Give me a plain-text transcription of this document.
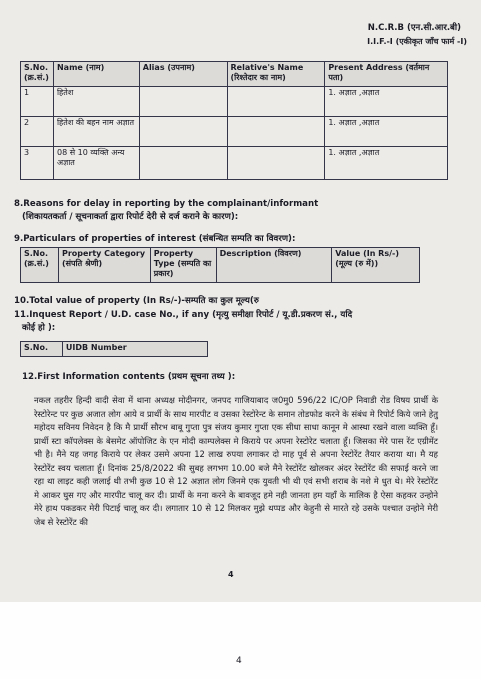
N.C.R.B (एन.सी.आर.बी)
I.I.F.-I (एकीकृत जाँच फार्म -I)
S.No. (क्र.सं.)	Name (नाम)	Alias (उपनाम)	Relative's Name (रिश्तेदार का नाम)	Present Address (वर्तमान पता)
1	हितेश			1. अज्ञात ,अज्ञात
2	हितेश की बहन नाम अज्ञात			1. अज्ञात ,अज्ञात
3	08 से 10 व्यक्ति अन्य अज्ञात			1. अज्ञात ,अज्ञात
8.Reasons for delay in reporting by the complainant/informant
(शिकायतकर्ता / सूचनाकर्ता द्वारा रिपोर्ट देरी से दर्ज कराने के कारण):
9.Particulars of properties of interest (संबन्धित सम्पति का विवरण):
S.No. (क्र.सं.)	Property Category (संपति श्रेणी)	Property Type (सम्पति का प्रकार)	Description (विवरण)	Value (In Rs/-) (मूल्य (रु में))
10.Total value of property (In Rs/-)-सम्पति का कुल मूल्य(रु
11.Inquest Report / U.D. case No., if any (मृत्यु समीक्षा रिपोर्ट / यू.डी.प्रकरण सं., यदि
कोई हो ):
S.No.	UIDB Number
12.First Information contents (प्रथम सूचना तथ्य ):
नकल तहरीर हिन्दी वादी सेवा में थाना अध्यक्ष मोदीनगर, जनपद गाजियाबाद ज0मु0 596/22 IC/OP निवाडी रोड विषय प्रार्थी के रेस्टोरेन्ट पर कुछ अजात लोग आये व प्रार्थी के साथ मारपीट व उसका रेस्टोरेन्ट के समान तोडफोड करने के संबंध मे रिपोर्ट किये जाने हेतु महोदय सविनय निवेदन है कि मै प्रार्थी सौरभ बाबू गुप्ता पुत्र संजय कुमार गुप्ता एक सीधा साधा कानून मे आस्था रखने वाला व्यक्ति हूँ। प्रार्थी स्टा कॉपलेक्स के बेसमेट ऑपोजिट के एन मोदी काम्पलेक्स मे किराये पर अपना रेस्टोरेट चलाता हूँ। जिसका मेरे पास रेंट एग्रीमेंट भी है। मैने यह जगह किराये पर लेकर उसमे अपना 12 लाख रुपया लगाकर दो माह पूर्व से अपना रेस्टोरेंट तैयार कराया था। मै यह रेस्टोरेंट स्वय चलाता हूँ। दिनांक 25/8/2022 की सुबह लगभग 10.00 बजे मैने रेस्टोरेंट खोलकर अंदर रेस्टोरेंट की सफाई करने जा रहा था लाइट कही जलाई थी तभी कुछ 10 से 12 अज्ञात लोग जिनमे एक युवती भी थी एवं सभी शराब के नशे मे धुत थे। मेरे रेस्टोरेंट मे आकर घुस गए और मारपीट चालू कर दी। प्रार्थी के मना करने के बावजूद हमे नही जानता हम यहाँ के मालिक है ऐसा कहकर उन्होने मेरे हाथ पकडकर मेरी पिटाई चालू कर दी। लगातार 10 से 12 मिलकर मुझे थप्पड और केहुनी से मारते रहे उसके पश्चात उन्होने मेरी जेब से रेस्टोरेंट की
4
4
